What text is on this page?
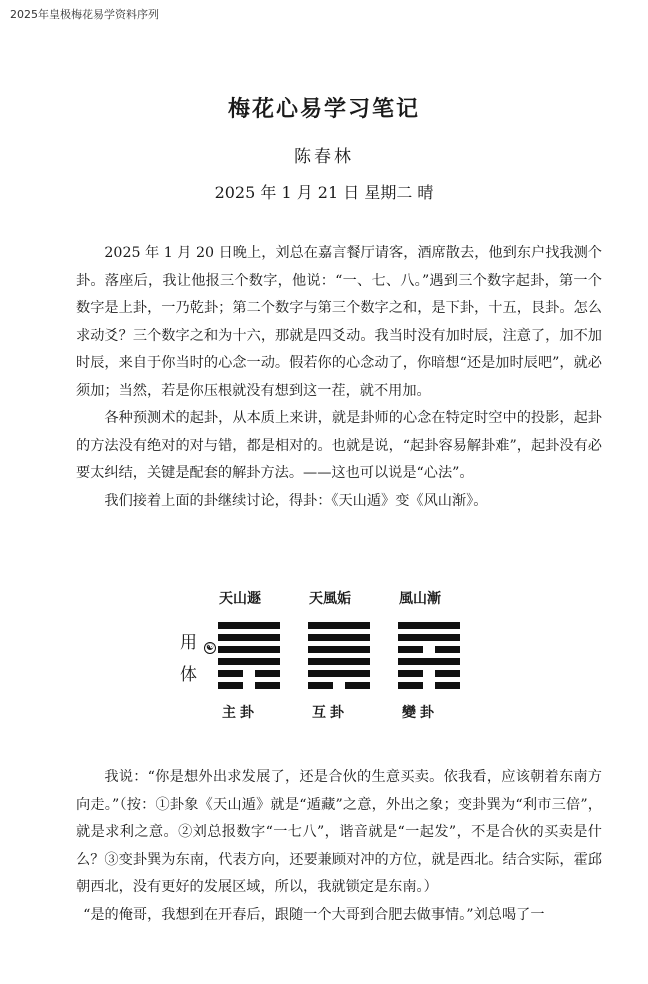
2025年皇极梅花易学资料序列
梅花心易学习笔记
陈春林
2025 年 1 月 21 日 星期二 晴

2025 年 1 月 20 日晚上，刘总在嘉言餐厅请客，酒席散去，他到东户找我测个卦。落座后，我让他报三个数字，他说：“一、七、八。”遇到三个数字起卦，第一个数字是上卦，一乃乾卦；第二个数字与第三个数字之和，是下卦，十五，艮卦。怎么求动爻？三个数字之和为十六，那就是四爻动。我当时没有加时辰，注意了，加不加时辰，来自于你当时的心念一动。假若你的心念动了，你暗想“还是加时辰吧”，就必须加；当然，若是你压根就没有想到这一茬，就不用加。

各种预测术的起卦，从本质上来讲，就是卦师的心念在特定时空中的投影，起卦的方法没有绝对的对与错，都是相对的。也就是说，“起卦容易解卦难”，起卦没有必要太纠结，关键是配套的解卦方法。——这也可以说是“心法”。

我们接着上面的卦继续讨论，得卦：《天山遁》变《风山渐》。

天山遯	天風姤	風山漸
用
体
☯
主卦	互卦	變卦

我说：“你是想外出求发展了，还是合伙的生意买卖。依我看，应该朝着东南方向走。”（按：①卦象《天山遁》就是“遁藏”之意，外出之象；变卦巽为“利市三倍”，就是求利之意。②刘总报数字“一七八”，谐音就是“一起发”，不是合伙的买卖是什么？③变卦巽为东南，代表方向，还要兼顾对冲的方位，就是西北。结合实际，霍邱朝西北，没有更好的发展区域，所以，我就锁定是东南。）

“是的俺哥，我想到在开春后，跟随一个大哥到合肥去做事情。”刘总喝了一
